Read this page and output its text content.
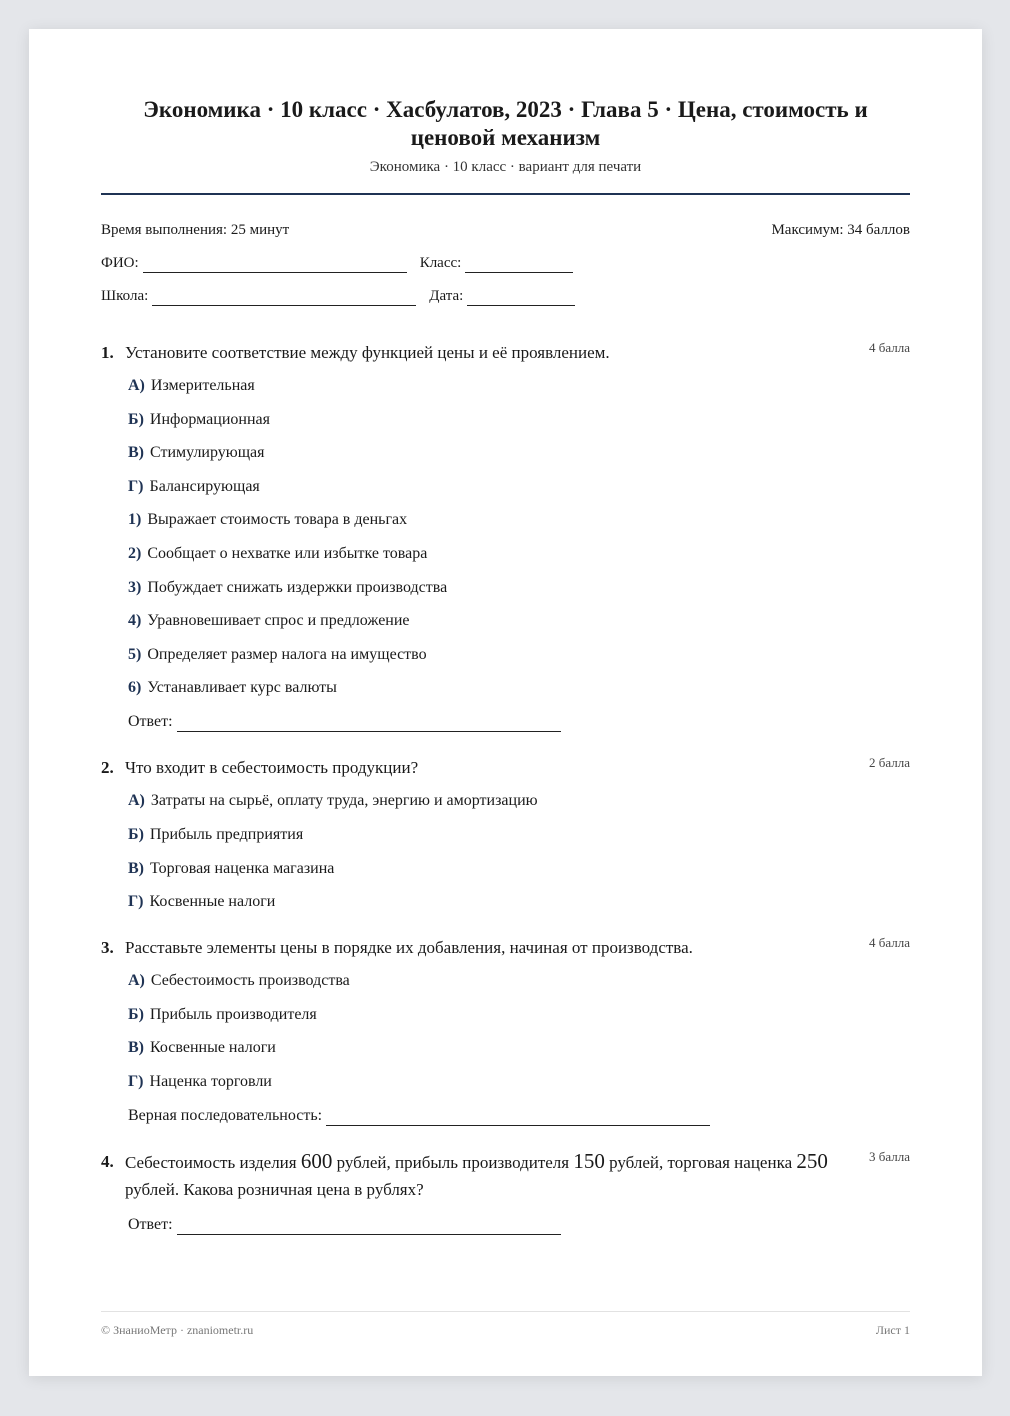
Экономика · 10 класс · Хасбулатов, 2023 · Глава 5 · Цена, стоимость и ценовой механизм
Экономика · 10 класс · вариант для печати
Время выполнения: 25 минут	Максимум: 34 баллов
ФИО:	Класс:
Школа:	Дата:
1. Установите соответствие между функцией цены и её проявлением.	4 балла
А) Измерительная
Б) Информационная
В) Стимулирующая
Г) Балансирующая
1) Выражает стоимость товара в деньгах
2) Сообщает о нехватке или избытке товара
3) Побуждает снижать издержки производства
4) Уравновешивает спрос и предложение
5) Определяет размер налога на имущество
6) Устанавливает курс валюты
Ответ:
2. Что входит в себестоимость продукции?	2 балла
А) Затраты на сырьё, оплату труда, энергию и амортизацию
Б) Прибыль предприятия
В) Торговая наценка магазина
Г) Косвенные налоги
3. Расставьте элементы цены в порядке их добавления, начиная от производства.	4 балла
А) Себестоимость производства
Б) Прибыль производителя
В) Косвенные налоги
Г) Наценка торговли
Верная последовательность:
4. Себестоимость изделия 600 рублей, прибыль производителя 150 рублей, торговая наценка 250 рублей. Какова розничная цена в рублях?
3 балла
Ответ:
© ЗнаниоМетр · znaniometr.ru	Лист 1
